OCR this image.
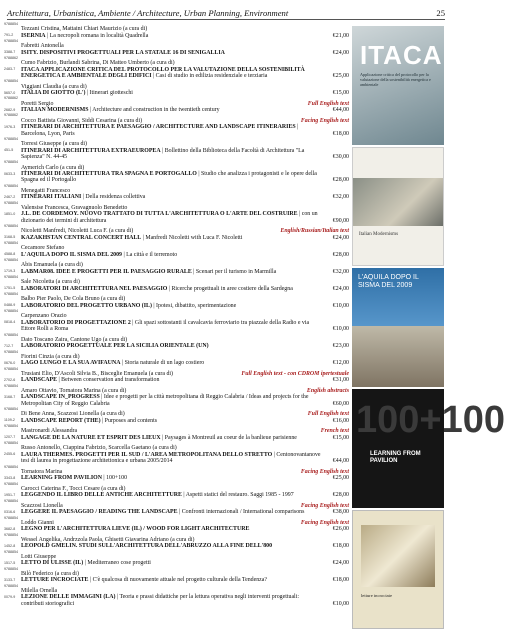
Architettura, Urbanistica, Ambiente / Architecture, Urban Planning, Environment	25
9788854
Tezzani Cristina, Mattaini Chiari Maurizio (a cura di)
791-2	ISERNIA | La necropoli romana in località Quadrella	€21,00
9788854
Fabretti Antonella
3388-7 ISITY. DISPOSITIVI PROGETTUALI PER LA STATALE 16 DI SENIGALLIA	€24,00
9788862
Cumo Fabrizio, Burlandi Sabrina, Di Matteo Umberto (a cura di)
2483-7 ITACA APPLICAZIONE CRITICA DEL PROTOCOLLO PER LA VALUTAZIONE DELLA SOSTENIBILITÀ ENERGETICA E AMBIENTALE DEGLI EDIFICI | Casi di studio in edilizia residenziale e terziaria	€25,00
9788854
Viggiani Claudia (a cura di)
5657-0 ITALIA DI GIOTTO (L') | Itinerari giotteschi	€15,00
9788862
Poretti Sergio	Full English text
2682-9 ITALIAN MODERNISMS | Architecture and construction in the twentieth century	€44,00
9788862
Cocco Battista Giovanni, Siddi Cesarina (a cura di)	Facing English text
1976-3 ITINERARI DI ARCHITETTURA E PAESAGGIO / ARCHITECTURE AND LANDSCAPE ITINERARIES | Barcelona, Lyon, Paris	€18,00
9788854
Torresi Giuseppe (a cura di)
451-5	ITINERARI DI ARCHITETTURA EXTRAEUROPEA | Bollettino della Biblioteca della Facoltà di Architettura "La Sapienza" N. 44-45	€30,00
9788854
Aymerich Carlo (a cura di)
0633-3 ITINERARI DI ARCHITETTURA TRA SPAGNA E PORTOGALLO | Studio che analizza i protagonisti e le opere della Spagna ed il Portogallo	€28,00
9788854
Menegatti Francesco
2467-2 ITINERARI ITALIANI | Della residenza collettiva	€32,00
9788854
Valensise Francesca, Gravagnuolo Benedetto
1851-0 J.L. DE CORDEMOY. NUOVO TRATTATO DI TUTTA L'ARCHITETTURA O L'ARTE DEL COSTRUIRE | con un dizionario dei termini di architettura	€90,00
9788854
Nicoletti Manfredi, Nicoletti Luca F. (a cura di)	English/Russian/Italian text
3168-5 KAZAKHSTAN CENTRAL CONCERT HALL | Manfredi Nicoletti with Luca F. Nicoletti	€24,00
9788854
Cecamore Stefano
4588-8 L'AQUILA DOPO IL SISMA DEL 2009 | La città e il terremoto	€28,00
9788854
Abis Emanuela (a cura di)
1719-3 LABMAR08. IDEE E PROGETTI PER IL PAESAGGIO RURALE | Scenari per il turismo in Marmilla	€32,00
9788854
Sale Nicoletta (a cura di)
1751-5 LABORATORI DI ARCHITETTURA NEL PAESAGGIO | Ricerche progettuali in aree costiere della Sardegna	€24,00
9788854
Balbo Pier Paolo, De Cola Bruno (a cura di)
0488-9 LABORATORIO DEL PROGETTO URBANO (IL) | Ipotesi, dibattito, sperimentazione	€10,00
9788854
Carpenzano Orazio
0818-4 LABORATORIO DI PROGETTAZIONE 2 | Gli spazi sottostanti il cavalcavia ferroviario tra piazzale della Radio e via Ettore Rolli a Roma	€10,00
9788854
Dato Toscano Zaira, Cantone Ugo (a cura di)
712-7	LABORATORIO PROGETTUALE PER LA SICILIA ORIENTALE (UN)	€23,00
9788854
Fiorini Cinzia (a cura di)
0676-0 LAGO LUNGO E LA SUA AVIFAUNA | Storia naturale di un lago costiero	€12,00
9788854
Trusiani Elio, D'Ascoli Silvia B., Bisceglie Emanuela (a cura di)	Full English text - con CDROM ipertestuale
2702-6 LANDSCAPE | Between conservation and transformation	€31,00
9788854
Amaro Ottavio, Tornatora Marina (a cura di)	English abstracts
3168-7 LANDSCAPE IN_PROGRESS | Idee e progetti per la città metropolitana di Reggio Calabria / Ideas and projects for the Metropolitan City of Reggio Calabria	€60,00
9788854
Di Bene Anna, Scazzosi Lionella (a cura di)	Full English text
1109-2	LANDSCAPE REPORT (THE) | Purposes and contents	€16,00
9788854
Mastronardi Alessandra	French text
1207-7 LANGAGE DE LA NATURE ET ESPRIT DES LIEUX | Paysages à Montreuil au coeur de la banlieue parisienne	€15,00
9788854
Russo Antonello, Ciappina Fabrizio, Scarcella Gaetano (a cura di)
2455-6 LAURA THERMES. PROGETTI PER IL SUD / L'AREA METROPOLITANA DELLO STRETTO | Centonovantanove tesi di laurea in progettazione architettonica e urbana 2005/2014	€44,00
9788854
Tornatora Marina	Facing English text
3343-8 LEARNING FROM PAVILION | 100+100	€25,00
9788854
Carocci Caterina F., Tocci Cesare (a cura di)
1951-7 LEGGENDO IL LIBRO DELLE ANTICHE ARCHITETTURE | Aspetti statici del restauro. Saggi 1985 - 1997	€28,00
9788854
Scazzosi Lionella	Facing English text
0316-6 LEGGERE IL PAESAGGIO / READING THE LANDSCAPE | Confronti internazionali / International comparisons	€38,00
9788854
Loddo Gianni	Facing English text
3682-8 LEGNO PER L'ARCHITETTURA LIEVE (IL) / WOOD FOR LIGHT ARCHITECTURE	€26,00
9788854
Wessel Angelika, Andrzzola Paola, Ghisetti Giavarina Adriano (a cura di)
1452-8 LEOPOLD GMELIN. STUDI SULL'ARCHITETTURA DELL'ABRUZZO ALLA FINE DELL'800	€18,00
9788854
Lotti Giuseppe
1517-5 LETTO DI ULISSE (IL) | Mediterraneo cose progetti	€24,00
9788854
Bilò Federico (a cura di)
3133-7 LETTURE INCROCIATE | C'è qualcosa di nuovamente attuale nel progetto culturale della Tendenza?	€18,00
9788854
Milella Ornella
0079-9 LEZIONE DELLE IMMAGINI (LA) | Teoria e prassi didattiche per la lettura operativa negli interventi progettuali: contributi storiografici	€10,00
ITACA
Applicazione critica del protocollo per la valutazione della sostenibilità energetica e ambientale
Italian Modernisms
L'AQUILA DOPO IL SISMA DEL 2009
100+100
LEARNING FROM PAVILION
letture incrociate
